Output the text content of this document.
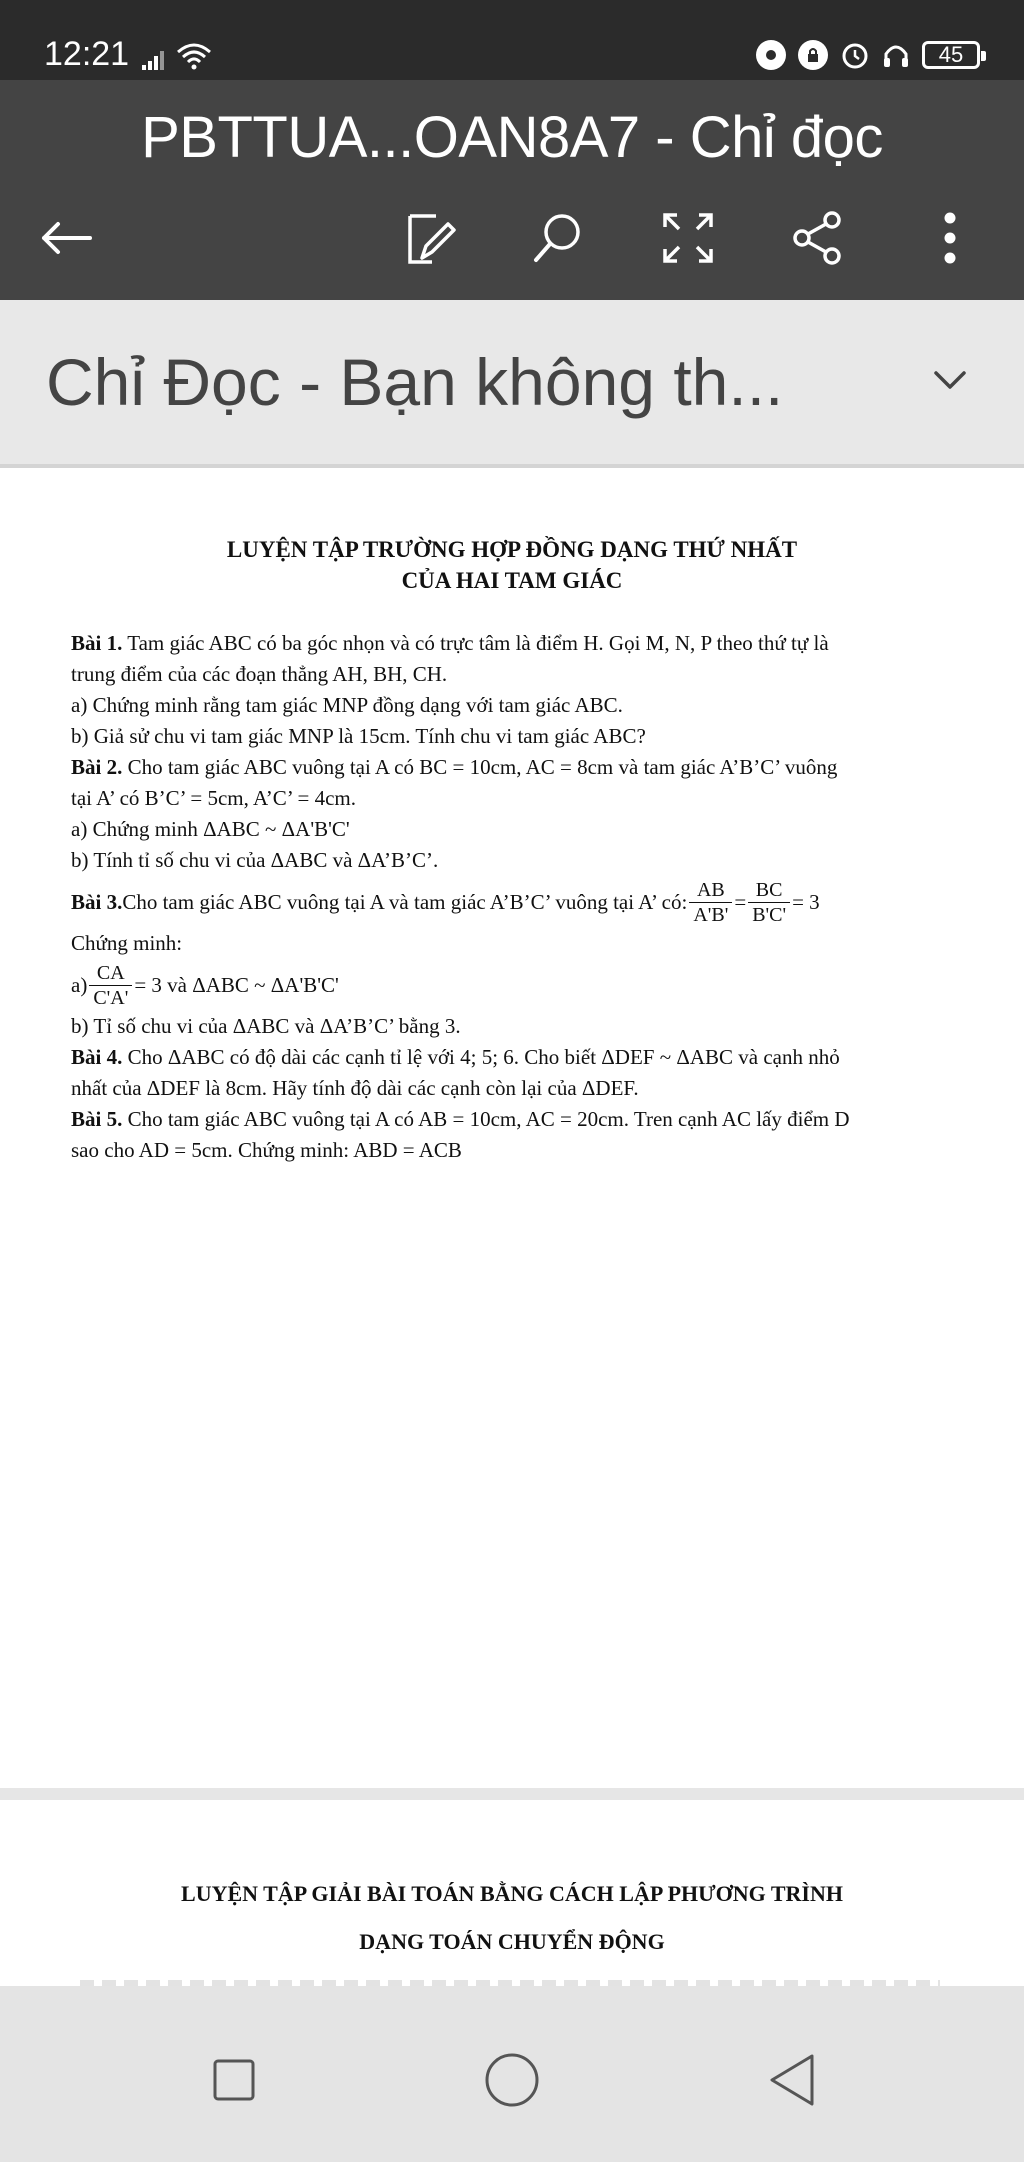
12:21	45
PBTTUA...OAN8A7 - Chỉ đọc
Chỉ Đọc - Bạn không th...
LUYỆN TẬP TRƯỜNG HỢP ĐỒNG DẠNG THỨ NHẤT
CỦA HAI TAM GIÁC

Bài 1. Tam giác ABC có ba góc nhọn và có trực tâm là điểm H. Gọi M, N, P theo thứ tự là

trung điểm của các đoạn thẳng AH, BH, CH.

a) Chứng minh rằng tam giác MNP đồng dạng với tam giác ABC.

b) Giả sử chu vi tam giác MNP là 15cm. Tính chu vi tam giác ABC?

Bài 2. Cho tam giác ABC vuông tại A có BC = 10cm, AC = 8cm và tam giác A’B’C’ vuông

tại A’ có B’C’ = 5cm, A’C’ = 4cm.

a) Chứng minh ΔABC ~ ΔA'B'C'

b) Tính tỉ số chu vi của ΔABC và ΔA’B’C’.

Bài 3. Cho tam giác ABC vuông tại A và tam giác A’B’C’ vuông tại A’ có: $\frac{AB}{A'B'} = \frac{BC}{B'C'} = 3$

Chứng minh:

$a) \frac{CA}{C'A'} = 3$ và ΔABC ~ ΔA'B'C'

b) Tỉ số chu vi của ΔABC và ΔA’B’C’ bằng 3.

Bài 4. Cho ΔABC có độ dài các cạnh tỉ lệ với 4; 5; 6. Cho biết ΔDEF ~ ΔABC và cạnh nhỏ

nhất của ΔDEF là 8cm. Hãy tính độ dài các cạnh còn lại của ΔDEF.

Bài 5. Cho tam giác ABC vuông tại A có AB = 10cm, AC = 20cm. Tren cạnh AC lấy điểm D

sao cho AD = 5cm. Chứng minh: ABD = ACB

LUYỆN TẬP GIẢI BÀI TOÁN BẰNG CÁCH LẬP PHƯƠNG TRÌNH
DẠNG TOÁN CHUYỂN ĐỘNG
